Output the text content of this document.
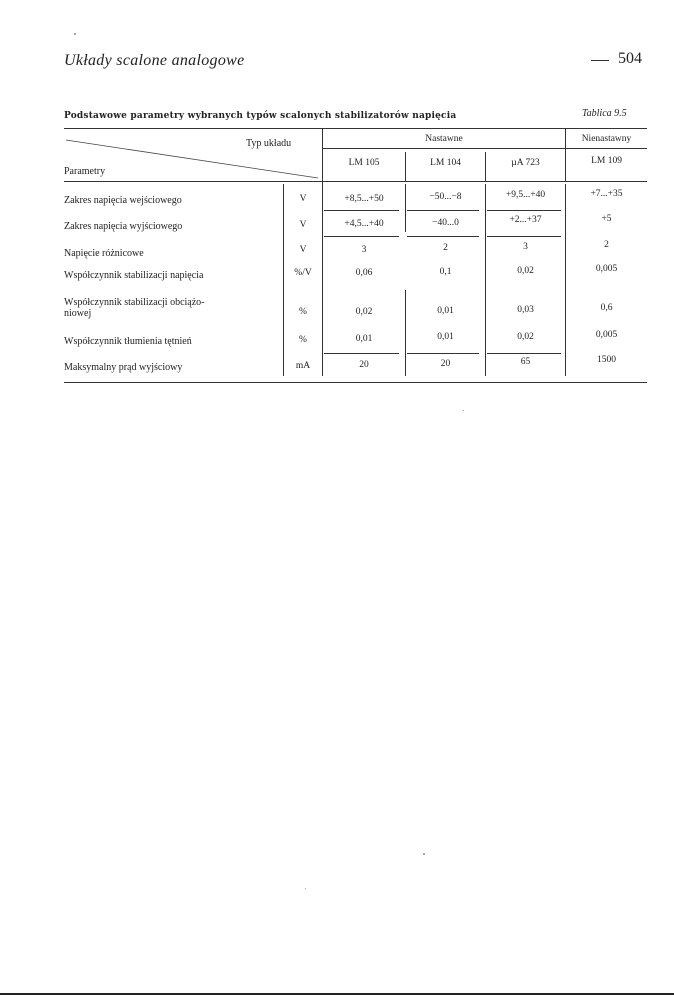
Układy scalone analogowe	504
Podstawowe parametry wybranych typów scalonych stabilizatorów napięcia	Tablica 9.5
Typ układu
Parametry
Nastawne	Nienastawny
LM 105	LM 104	µA 723	LM 109
Zakres napięcia wejściowego	V	+8,5...+50	−50...−8	+9,5...+40	+7...+35
Zakres napięcia wyjściowego	V	+4,5...+40	−40...0	+2...+37	+5
Napięcie różnicowe	V	3	2	3	2
Współczynnik stabilizacji napięcia	%/V	0,06	0,1	0,02	0,005
Współczynnik stabilizacji obciążo-
niowej	%	0,02	0,01	0,03	0,6
Współczynnik tłumienia tętnień	%	0,01	0,01	0,02	0,005
Maksymalny prąd wyjściowy	mA	20	20	65	1500
